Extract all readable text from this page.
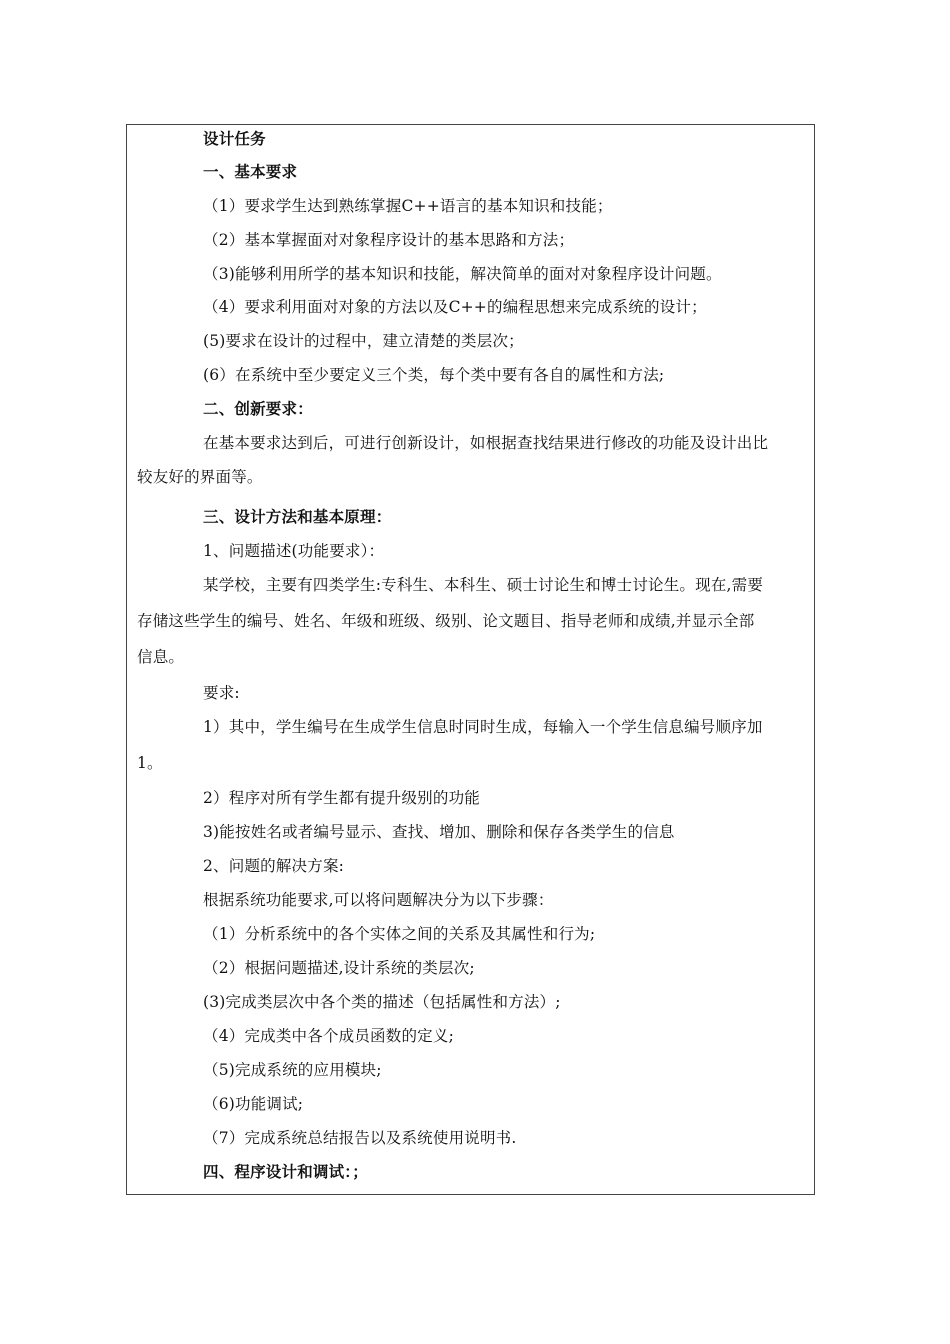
设计任务
一、基本要求
（1）要求学生达到熟练掌握C++语言的基本知识和技能；
（2）基本掌握面对对象程序设计的基本思路和方法；
（3)能够利用所学的基本知识和技能，解决简单的面对对象程序设计问题。
（4）要求利用面对对象的方法以及C++的编程思想来完成系统的设计；
(5)要求在设计的过程中，建立清楚的类层次；
(6）在系统中至少要定义三个类，每个类中要有各自的属性和方法;
二、创新要求：
在基本要求达到后，可进行创新设计，如根据查找结果进行修改的功能及设计出比
较友好的界面等。
三、设计方法和基本原理：
1、问题描述(功能要求）：
某学校，主要有四类学生:专科生、本科生、硕士讨论生和博士讨论生。现在,需要
存储这些学生的编号、姓名、年级和班级、级别、论文题目、指导老师和成绩,并显示全部
信息。
要求:
1）其中，学生编号在生成学生信息时同时生成，每输入一个学生信息编号顺序加
1。
2）程序对所有学生都有提升级别的功能
3)能按姓名或者编号显示、查找、增加、删除和保存各类学生的信息
2、问题的解决方案:
根据系统功能要求,可以将问题解决分为以下步骤：
（1）分析系统中的各个实体之间的关系及其属性和行为;
（2）根据问题描述,设计系统的类层次;
(3)完成类层次中各个类的描述（包括属性和方法）;
（4）完成类中各个成员函数的定义;
（5)完成系统的应用模块;
（6)功能调试;
（7）完成系统总结报告以及系统使用说明书.
四、程序设计和调试：；
